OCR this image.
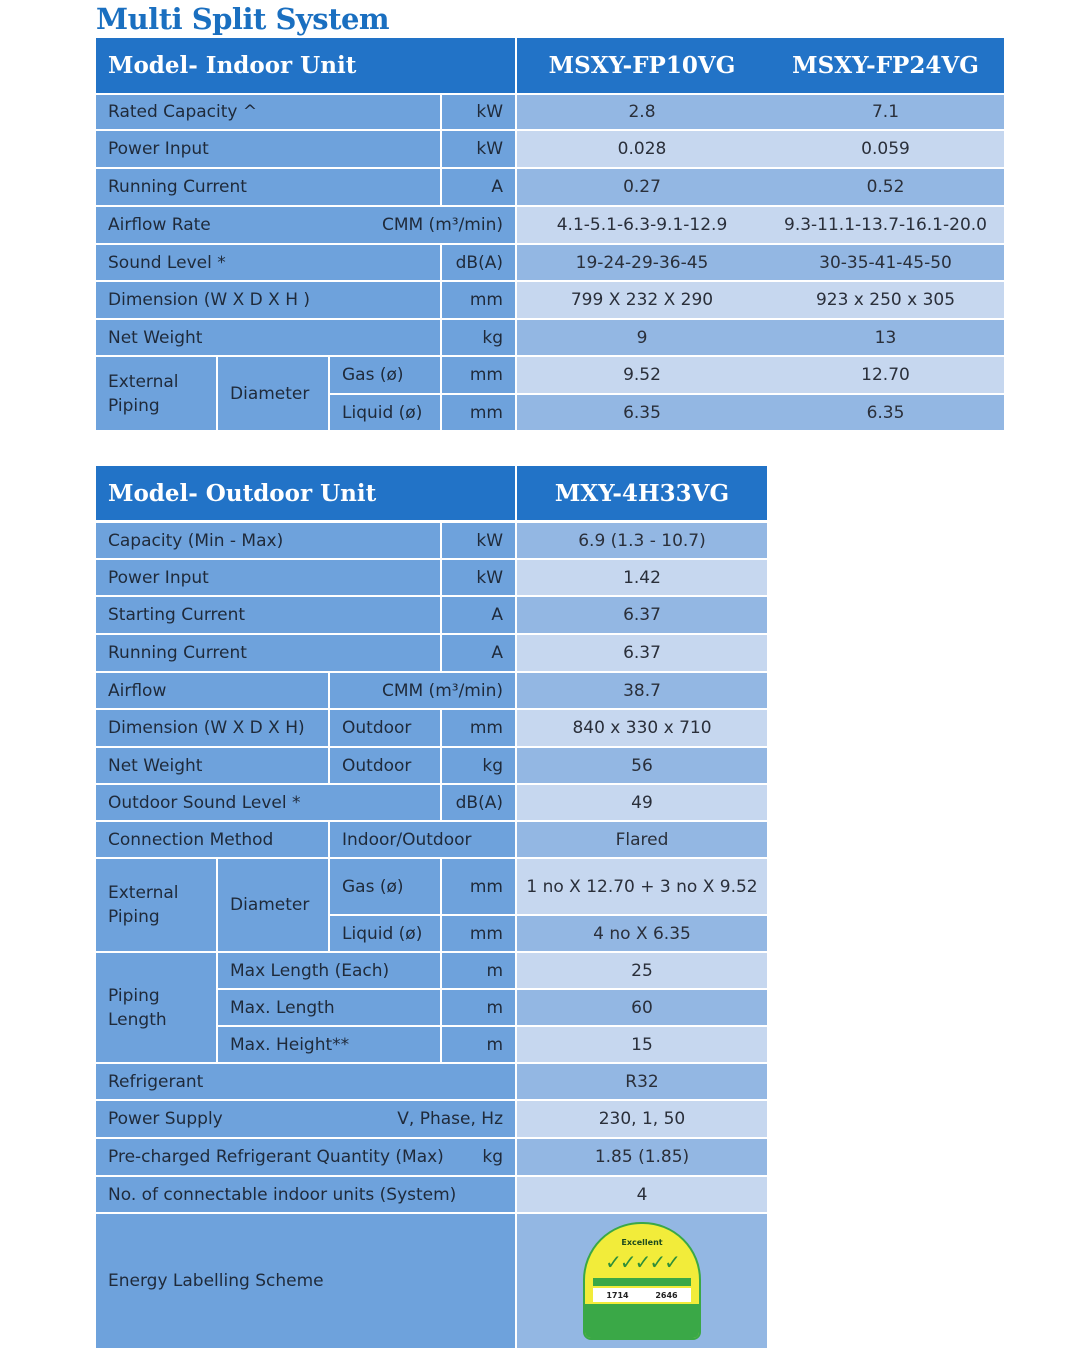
Multi Split System
Model- Indoor Unit	MSXY-FP10VG	MSXY-FP24VG
Rated Capacity ^	kW	2.8	7.1
Power Input	kW	0.028	0.059
Running Current	A	0.27	0.52
Airflow Rate	CMM (m³/min)	4.1-5.1-6.3-9.1-12.9	9.3-11.1-13.7-16.1-20.0
Sound Level *	dB(A)	19-24-29-36-45	30-35-41-45-50
Dimension (W X D X H )	mm	799 X 232 X 290	923 x 250 x 305
Net Weight	kg	9	13
External
Piping
Diameter
Gas (ø)	mm	9.52	12.70
Liquid (ø)	mm	6.35	6.35
Model- Outdoor Unit	MXY-4H33VG
Capacity (Min - Max)	kW	6.9 (1.3 - 10.7)
Power Input	kW	1.42
Starting Current	A	6.37
Running Current	A	6.37
Airflow	CMM (m³/min)	38.7
Dimension (W X D X H)	Outdoor	mm	840 x 330 x 710
Net Weight	Outdoor	kg	56
Outdoor Sound Level *	dB(A)	49
Connection Method	Indoor/Outdoor	Flared
External
Piping
Diameter
Gas (ø)	mm	1 no X 12.70 + 3 no X 9.52
Liquid (ø)	mm	4 no X 6.35
Piping
Length
Max Length (Each)	m	25
Max. Length	m	60
Max. Height**	m	15
Refrigerant	R32
Power Supply	V, Phase, Hz	230, 1, 50
Pre-charged Refrigerant Quantity (Max) kg	1.85 (1.85)
No. of connectable indoor units (System)	4
Energy Labelling Scheme
Excellent
✓✓✓✓✓
1714	2646
